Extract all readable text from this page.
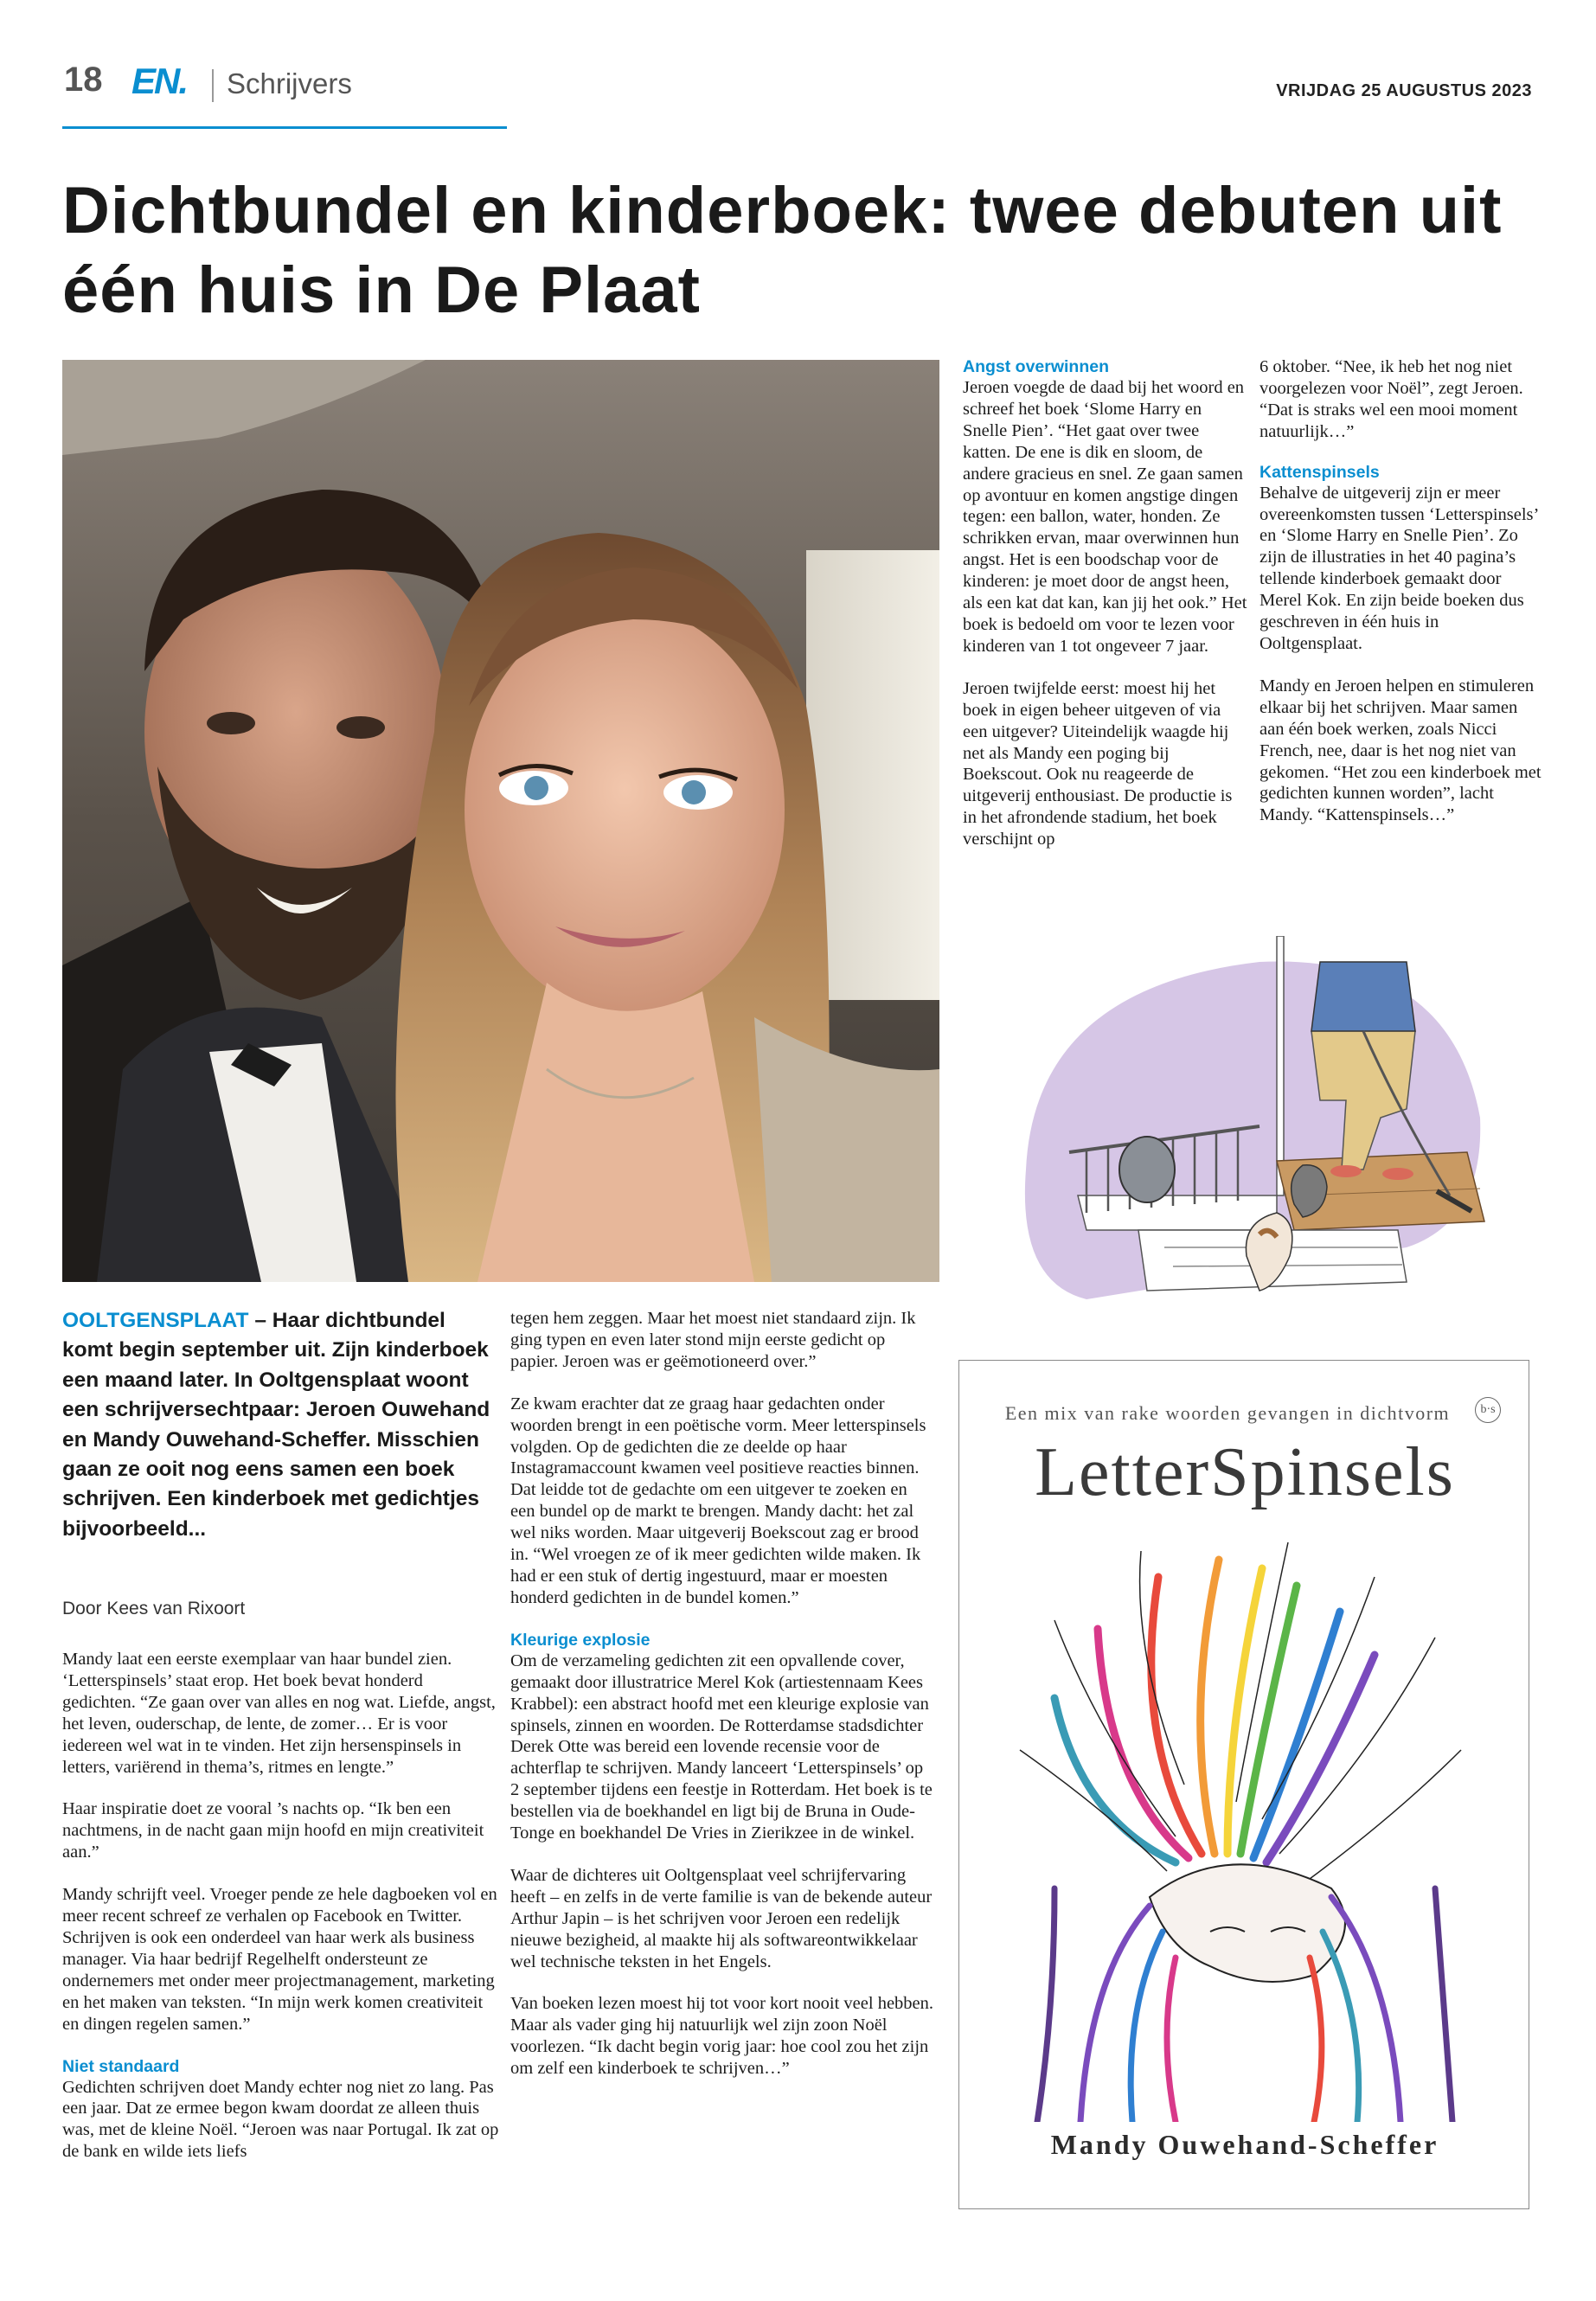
18 EN. Schrijvers	VRIJDAG 25 AUGUSTUS 2023
Dichtbundel en kinderboek: twee debuten uit één huis in De Plaat
Angst overwinnen

Jeroen voegde de daad bij het woord en schreef het boek ‘Slome Harry en Snelle Pien’. “Het gaat over twee katten. De ene is dik en sloom, de andere gracieus en snel. Ze gaan samen op avontuur en komen angstige dingen tegen: een ballon, water, honden. Ze schrikken ervan, maar overwinnen hun angst. Het is een boodschap voor de kinderen: je moet door de angst heen, als een kat dat kan, kan jij het ook.” Het boek is bedoeld om voor te lezen voor kinderen van 1 tot ongeveer 7 jaar.

Jeroen twijfelde eerst: moest hij het boek in eigen beheer uitgeven of via een uitgever? Uiteindelijk waagde hij net als Mandy een poging bij Boekscout. Ook nu reageerde de uitgeverij enthousiast. De productie is in het afrondende stadium, het boek verschijnt op

6 oktober. “Nee, ik heb het nog niet voorgelezen voor Noël”, zegt Jeroen. “Dat is straks wel een mooi moment natuurlijk…”

Kattenspinsels

Behalve de uitgeverij zijn er meer overeenkomsten tussen ‘Letterspinsels’ en ‘Slome Harry en Snelle Pien’. Zo zijn de illustraties in het 40 pagina’s tellende kinderboek gemaakt door Merel Kok. En zijn beide boeken dus geschreven in één huis in Ooltgensplaat.

Mandy en Jeroen helpen en stimuleren elkaar bij het schrijven. Maar samen aan één boek werken, zoals Nicci French, nee, daar is het nog niet van gekomen. “Het zou een kinderboek met gedichten kunnen worden”, lacht Mandy. “Kattenspinsels…”

OOLTGENSPLAAT – Haar dichtbundel komt begin september uit. Zijn kinderboek een maand later. In Ooltgensplaat woont een schrijversechtpaar: Jeroen Ouwehand en Mandy Ouwehand-Scheffer. Misschien gaan ze ooit nog eens samen een boek schrijven. Een kinderboek met gedichtjes bijvoorbeeld...
Door Kees van Rixoort

Mandy laat een eerste exemplaar van haar bundel zien. ‘Letterspinsels’ staat erop. Het boek bevat honderd gedichten. “Ze gaan over van alles en nog wat. Liefde, angst, het leven, ouderschap, de lente, de zomer… Er is voor iedereen wel wat in te vinden. Het zijn hersenspinsels in letters, variërend in thema’s, ritmes en lengte.”

Haar inspiratie doet ze vooral ’s nachts op. “Ik ben een nachtmens, in de nacht gaan mijn hoofd en mijn creativiteit aan.”

Mandy schrijft veel. Vroeger pende ze hele dagboeken vol en meer recent schreef ze verhalen op Facebook en Twitter. Schrijven is ook een onderdeel van haar werk als business manager. Via haar bedrijf Regelhelft ondersteunt ze ondernemers met onder meer projectmanagement, marketing en het maken van teksten. “In mijn werk komen creativiteit en dingen regelen samen.”

Niet standaard

Gedichten schrijven doet Mandy echter nog niet zo lang. Pas een jaar. Dat ze ermee begon kwam doordat ze alleen thuis was, met de kleine Noël. “Jeroen was naar Portugal. Ik zat op de bank en wilde iets liefs

tegen hem zeggen. Maar het moest niet standaard zijn. Ik ging typen en even later stond mijn eerste gedicht op papier. Jeroen was er geëmotioneerd over.”

Ze kwam erachter dat ze graag haar gedachten onder woorden brengt in een poëtische vorm. Meer letterspinsels volgden. Op de gedichten die ze deelde op haar Instagramaccount kwamen veel positieve reacties binnen. Dat leidde tot de gedachte om een uitgever te zoeken en een bundel op de markt te brengen. Mandy dacht: het zal wel niks worden. Maar uitgeverij Boekscout zag er brood in. “Wel vroegen ze of ik meer gedichten wilde maken. Ik had er een stuk of dertig ingestuurd, maar er moesten honderd gedichten in de bundel komen.”

Kleurige explosie

Om de verzameling gedichten zit een opvallende cover, gemaakt door illustratrice Merel Kok (artiestennaam Kees Krabbel): een abstract hoofd met een kleurige explosie van spinsels, zinnen en woorden. De Rotterdamse stadsdichter Derek Otte was bereid een lovende recensie voor de achterflap te schrijven. Mandy lanceert ‘Letterspinsels’ op 2 september tijdens een feestje in Rotterdam. Het boek is te bestellen via de boekhandel en ligt bij de Bruna in Oude-Tonge en boekhandel De Vries in Zierikzee in de winkel.

Waar de dichteres uit Ooltgensplaat veel schrijfervaring heeft – en zelfs in de verte familie is van de bekende auteur Arthur Japin – is het schrijven voor Jeroen een redelijk nieuwe bezigheid, al maakte hij als softwareontwikkelaar wel technische teksten in het Engels.

Van boeken lezen moest hij tot voor kort nooit veel hebben. Maar als vader ging hij natuurlijk wel zijn zoon Noël voorlezen. “Ik dacht begin vorig jaar: hoe cool zou het zijn om zelf een kinderboek te schrijven…”

Een mix van rake woorden gevangen in dichtvorm	b·s
LetterSpinsels
Mandy Ouwehand-Scheffer
